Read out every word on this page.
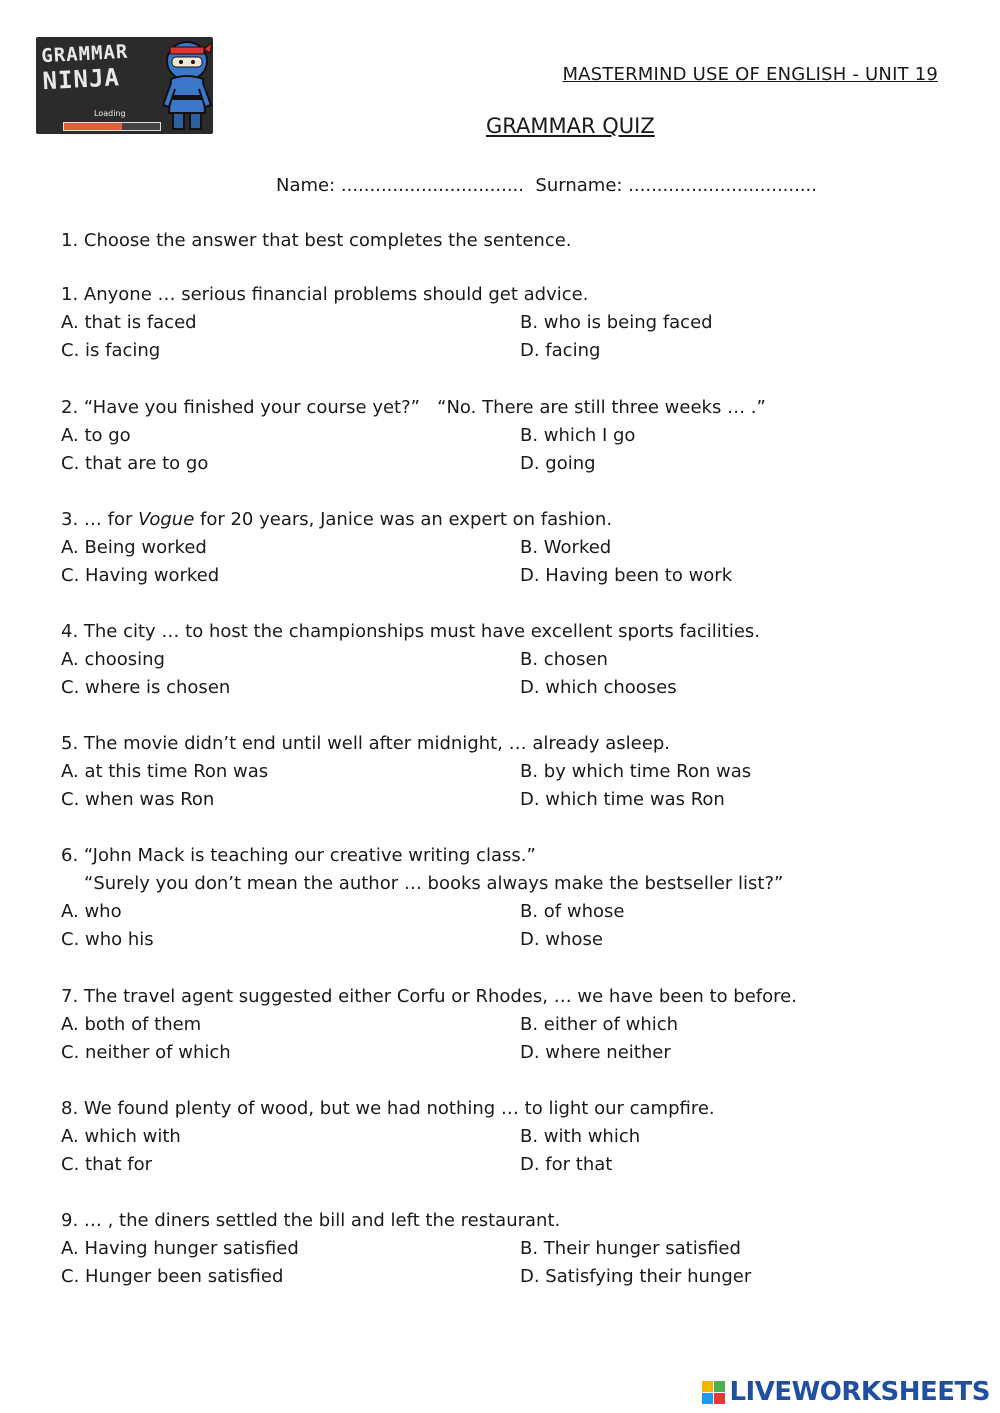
GRAMMAR
NINJA
Loading
MASTERMIND USE OF ENGLISH - UNIT 19
GRAMMAR QUIZ
Name: ................................  Surname: .................................
1. Choose the answer that best completes the sentence.
1. Anyone … serious financial problems should get advice.
A. that is faced	B. who is being faced
C. is facing	D. facing
2. “Have you finished your course yet?”   “No. There are still three weeks … .”
A. to go	B. which I go
C. that are to go	D. going
3. … for Vogue for 20 years, Janice was an expert on fashion.
A. Being worked	B. Worked
C. Having worked	D. Having been to work
4. The city … to host the championships must have excellent sports facilities.
A. choosing	B. chosen
C. where is chosen	D. which chooses
5. The movie didn’t end until well after midnight, … already asleep.
A. at this time Ron was	B. by which time Ron was
C. when was Ron	D. which time was Ron
6. “John Mack is teaching our creative writing class.”
“Surely you don’t mean the author … books always make the bestseller list?”
A. who	B. of whose
C. who his	D. whose
7. The travel agent suggested either Corfu or Rhodes, … we have been to before.
A. both of them	B. either of which
C. neither of which	D. where neither
8. We found plenty of wood, but we had nothing … to light our campfire.
A. which with	B. with which
C. that for	D. for that
9. … , the diners settled the bill and left the restaurant.
A. Having hunger satisfied	B. Their hunger satisfied
C. Hunger been satisfied	D. Satisfying their hunger
LIVEWORKSHEETS
